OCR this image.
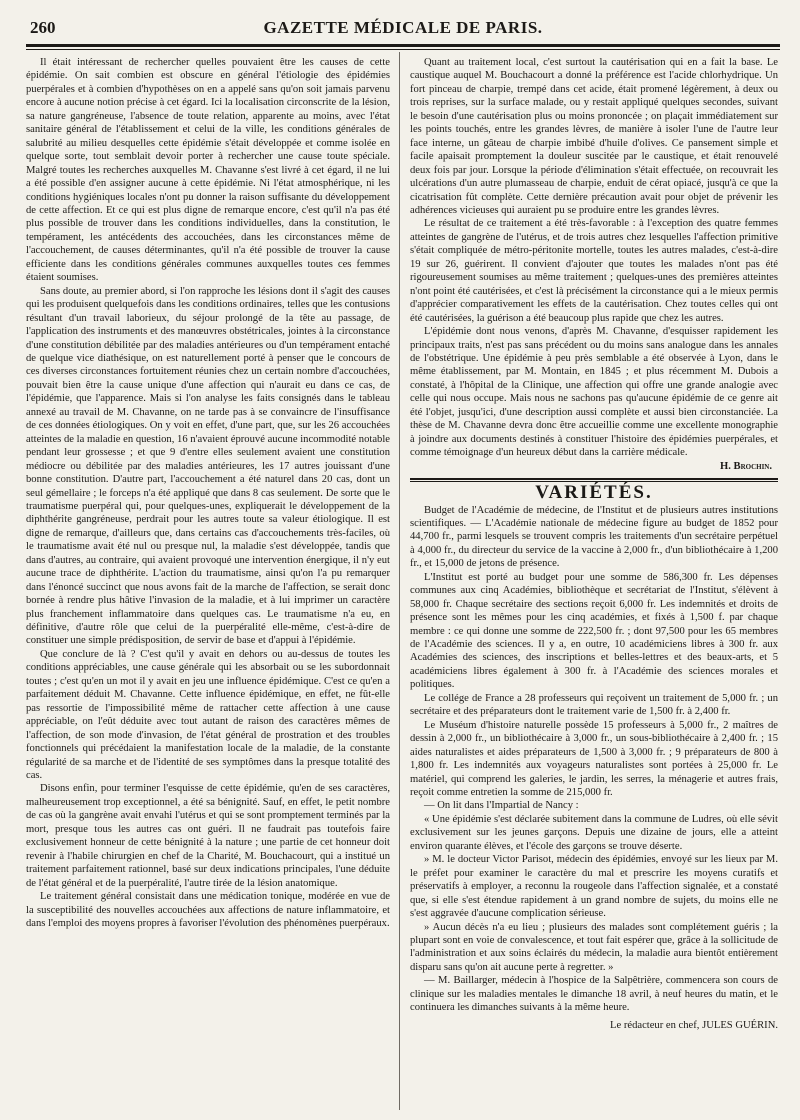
260	GAZETTE MÉDICALE DE PARIS.

Il était intéressant de rechercher quelles pouvaient être les causes de cette épidémie. On sait combien est obscure en général l'étiologie des épidémies puerpérales et à combien d'hypothèses on en a appelé sans qu'on soit jamais parvenu encore à aucune notion précise à cet égard. Ici la localisation circonscrite de la lésion, sa nature gangréneuse, l'absence de toute relation, apparente au moins, avec l'état sanitaire général de l'établissement et celui de la ville, les conditions générales de salubrité au milieu desquelles cette épidémie s'était développée et comme isolée en quelque sorte, tout semblait devoir porter à rechercher une cause toute spéciale. Malgré toutes les recherches auxquelles M. Chavanne s'est livré à cet égard, il ne lui a été possible d'en assigner aucune à cette épidémie. Ni l'état atmosphérique, ni les conditions hygiéniques locales n'ont pu donner la raison suffisante du développement de cette affection. Et ce qui est plus digne de remarque encore, c'est qu'il n'a pas été plus possible de trouver dans les conditions individuelles, dans la constitution, le tempérament, les antécédents des accouchées, dans les circonstances même de l'accouchement, de causes déterminantes, qu'il n'a été possible de trouver la cause efficiente dans les conditions générales communes auxquelles toutes ces femmes étaient soumises.

Sans doute, au premier abord, si l'on rapproche les lésions dont il s'agit des causes qui les produisent quelquefois dans les conditions ordinaires, telles que les contusions résultant d'un travail laborieux, du séjour prolongé de la tête au passage, de l'application des instruments et des manœuvres obstétricales, jointes à la circonstance d'une constitution débilitée par des maladies antérieures ou d'un tempérament entaché de quelque vice diathésique, on est naturellement porté à penser que le concours de ces diverses circonstances fortuitement réunies chez un certain nombre d'accouchées, pouvait bien être la cause unique d'une affection qui n'aurait eu dans ce cas, de l'épidémie, que l'apparence. Mais si l'on analyse les faits consignés dans le tableau annexé au travail de M. Chavanne, on ne tarde pas à se convaincre de l'insuffisance de ces données étiologiques. On y voit en effet, d'une part, que, sur les 26 accouchées atteintes de la maladie en question, 16 n'avaient éprouvé aucune incommodité notable pendant leur grossesse ; et que 9 d'entre elles seulement avaient une constitution médiocre ou débilitée par des maladies antérieures, les 17 autres jouissant d'une bonne constitution. D'autre part, l'accouchement a été naturel dans 20 cas, dont un seul gémellaire ; le forceps n'a été appliqué que dans 8 cas seulement. De sorte que le traumatisme puerpéral qui, pour quelques-unes, expliquerait le développement de la diphthérite gangréneuse, perdrait pour les autres toute sa valeur étiologique. Il est digne de remarque, d'ailleurs que, dans certains cas d'accouchements très-faciles, où le traumatisme avait été nul ou presque nul, la maladie s'est développée, tandis que dans d'autres, au contraire, qui avaient provoqué une intervention énergique, il n'y eut aucune trace de diphthérite. L'action du traumatisme, ainsi qu'on l'a pu remarquer dans l'énoncé succinct que nous avons fait de la marche de l'affection, se serait donc bornée à rendre plus hâtive l'invasion de la maladie, et à lui imprimer un caractère plus franchement inflammatoire dans quelques cas. Le traumatisme n'a eu, en définitive, d'autre rôle que celui de la puerpéralité elle-même, c'est-à-dire de constituer une simple prédisposition, de servir de base et d'appui à l'épidémie.

Que conclure de là ? C'est qu'il y avait en dehors ou au-dessus de toutes les conditions appréciables, une cause générale qui les absorbait ou se les subordonnait toutes ; c'est qu'en un mot il y avait en jeu une influence épidémique. C'est ce qu'en a parfaitement déduit M. Chavanne. Cette influence épidémique, en effet, ne fût-elle pas ressortie de l'impossibilité même de rattacher cette affection à une cause appréciable, on l'eût déduite avec tout autant de raison des caractères mêmes de l'affection, de son mode d'invasion, de l'état général de prostration et des troubles fonctionnels qui précédaient la manifestation locale de la maladie, de la constante régularité de sa marche et de l'identité de ses symptômes dans la presque totalité des cas.

Disons enfin, pour terminer l'esquisse de cette épidémie, qu'en de ses caractères, malheureusement trop exceptionnel, a été sa bénignité. Sauf, en effet, le petit nombre de cas où la gangrène avait envahi l'utérus et qui se sont promptement terminés par la mort, presque tous les autres cas ont guéri. Il ne faudrait pas toutefois faire exclusivement honneur de cette bénignité à la nature ; une partie de cet honneur doit revenir à l'habile chirurgien en chef de la Charité, M. Bouchacourt, qui a institué un traitement parfaitement rationnel, basé sur deux indications principales, l'une déduite de l'état général et de la puerpéralité, l'autre tirée de la lésion anatomique.

Le traitement général consistait dans une médication tonique, modérée en vue de la susceptibilité des nouvelles accouchées aux affections de nature inflammatoire, et dans l'emploi des moyens propres à favoriser l'évolution des phénomènes puerpéraux.

Quant au traitement local, c'est surtout la cautérisation qui en a fait la base. Le caustique auquel M. Bouchacourt a donné la préférence est l'acide chlorhydrique. Un fort pinceau de charpie, trempé dans cet acide, était promené légèrement, à deux ou trois reprises, sur la surface malade, ou y restait appliqué quelques secondes, suivant le besoin d'une cautérisation plus ou moins prononcée ; on plaçait immédiatement sur les points touchés, entre les grandes lèvres, de manière à isoler l'une de l'autre leur face interne, un gâteau de charpie imbibé d'huile d'olives. Ce pansement simple et facile apaisait promptement la douleur suscitée par le caustique, et était renouvelé deux fois par jour. Lorsque la période d'élimination s'était effectuée, on recouvrait les ulcérations d'un autre plumasseau de charpie, enduit de cérat opiacé, jusqu'à ce que la cicatrisation fût complète. Cette dernière précaution avait pour objet de prévenir les adhérences vicieuses qui auraient pu se produire entre les grandes lèvres.

Le résultat de ce traitement a été très-favorable : à l'exception des quatre femmes atteintes de gangrène de l'utérus, et de trois autres chez lesquelles l'affection primitive s'était compliquée de métro-péritonite mortelle, toutes les autres malades, c'est-à-dire 19 sur 26, guérirent. Il convient d'ajouter que toutes les malades n'ont pas été rigoureusement soumises au même traitement ; quelques-unes des premières atteintes n'ont point été cautérisées, et c'est là précisément la circonstance qui a le mieux permis d'apprécier comparativement les effets de la cautérisation. Chez toutes celles qui ont été cautérisées, la guérison a été beaucoup plus rapide que chez les autres.

L'épidémie dont nous venons, d'après M. Chavanne, d'esquisser rapidement les principaux traits, n'est pas sans précédent ou du moins sans analogue dans les annales de l'obstétrique. Une épidémie à peu près semblable a été observée à Lyon, dans le même établissement, par M. Montain, en 1845 ; et plus récemment M. Dubois a constaté, à l'hôpital de la Clinique, une affection qui offre une grande analogie avec celle qui nous occupe. Mais nous ne sachons pas qu'aucune épidémie de ce genre ait été l'objet, jusqu'ici, d'une description aussi complète et aussi bien circonstanciée. La thèse de M. Chavanne devra donc être accueillie comme une excellente monographie à joindre aux documents destinés à constituer l'histoire des épidémies puerpérales, et comme témoignage d'un heureux début dans la carrière médicale.

H. Brochin.

VARIÉTÉS.

Budget de l'Académie de médecine, de l'Institut et de plusieurs autres institutions scientifiques. — L'Académie nationale de médecine figure au budget de 1852 pour 44,700 fr., parmi lesquels se trouvent compris les traitements d'un secrétaire perpétuel à 4,000 fr., du directeur du service de la vaccine à 2,000 fr., d'un bibliothécaire à 1,200 fr., et 15,000 de jetons de présence.

L'Institut est porté au budget pour une somme de 586,300 fr. Les dépenses communes aux cinq Académies, bibliothèque et secrétariat de l'Institut, s'élèvent à 58,000 fr. Chaque secrétaire des sections reçoit 6,000 fr. Les indemnités et droits de présence sont les mêmes pour les cinq académies, et fixés à 1,500 f. par chaque membre : ce qui donne une somme de 222,500 fr. ; dont 97,500 pour les 65 membres de l'Académie des sciences. Il y a, en outre, 10 académiciens libres à 300 fr. aux Académies des sciences, des inscriptions et belles-lettres et des beaux-arts, et 5 académiciens libres également à 300 fr. à l'Académie des sciences morales et politiques.

Le collége de France a 28 professeurs qui reçoivent un traitement de 5,000 fr. ; un secrétaire et des préparateurs dont le traitement varie de 1,500 fr. à 2,400 fr.

Le Muséum d'histoire naturelle possède 15 professeurs à 5,000 fr., 2 maîtres de dessin à 2,000 fr., un bibliothécaire à 3,000 fr., un sous-bibliothécaire à 2,400 fr. ; 15 aides naturalistes et aides préparateurs de 1,500 à 3,000 fr. ; 9 préparateurs de 800 à 1,800 fr. Les indemnités aux voyageurs naturalistes sont portées à 25,000 fr. Le matériel, qui comprend les galeries, le jardin, les serres, la ménagerie et autres frais, reçoit comme entretien la somme de 215,000 fr.

— On lit dans l'Impartial de Nancy :

« Une épidémie s'est déclarée subitement dans la commune de Ludres, où elle sévit exclusivement sur les jeunes garçons. Depuis une dizaine de jours, elle a atteint environ quarante élèves, et l'école des garçons se trouve déserte.

» M. le docteur Victor Parisot, médecin des épidémies, envoyé sur les lieux par M. le préfet pour examiner le caractère du mal et prescrire les moyens curatifs et préservatifs à employer, a reconnu la rougeole dans l'affection signalée, et a constaté que, si elle s'est étendue rapidement à un grand nombre de sujets, du moins elle ne s'est aggravée d'aucune complication sérieuse.

» Aucun décès n'a eu lieu ; plusieurs des malades sont complétement guéris ; la plupart sont en voie de convalescence, et tout fait espérer que, grâce à la sollicitude de l'administration et aux soins éclairés du médecin, la maladie aura bientôt entièrement disparu sans qu'on ait aucune perte à regretter. »

— M. Baillarger, médecin à l'hospice de la Salpêtrière, commencera son cours de clinique sur les maladies mentales le dimanche 18 avril, à neuf heures du matin, et le continuera les dimanches suivants à la même heure.

Le rédacteur en chef, JULES GUÉRIN.
